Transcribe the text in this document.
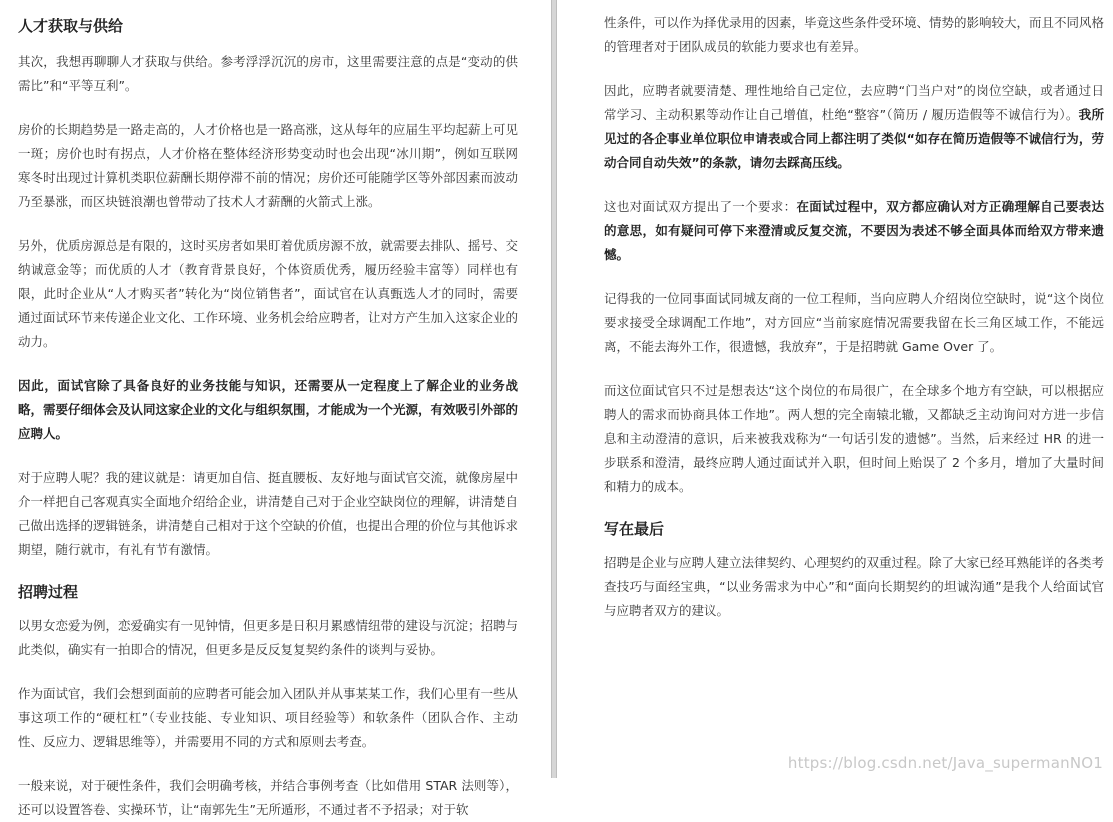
人才获取与供给

其次，我想再聊聊人才获取与供给。参考浮浮沉沉的房市，这里需要注意的点是“变动的供需比”和“平等互利”。

房价的长期趋势是一路走高的，人才价格也是一路高涨，这从每年的应届生平均起薪上可见一斑；房价也时有拐点，人才价格在整体经济形势变动时也会出现“冰川期”，例如互联网寒冬时出现过计算机类职位薪酬长期停滞不前的情况；房价还可能随学区等外部因素而波动乃至暴涨，而区块链浪潮也曾带动了技术人才薪酬的火箭式上涨。

另外，优质房源总是有限的，这时买房者如果盯着优质房源不放，就需要去排队、摇号、交纳诚意金等；而优质的人才（教育背景良好，个体资质优秀，履历经验丰富等）同样也有限，此时企业从“人才购买者”转化为“岗位销售者”，面试官在认真甄选人才的同时，需要通过面试环节来传递企业文化、工作环境、业务机会给应聘者，让对方产生加入这家企业的动力。

因此，面试官除了具备良好的业务技能与知识，还需要从一定程度上了解企业的业务战略，需要仔细体会及认同这家企业的文化与组织氛围，才能成为一个光源，有效吸引外部的应聘人。

对于应聘人呢？我的建议就是：请更加自信、挺直腰板、友好地与面试官交流，就像房屋中介一样把自己客观真实全面地介绍给企业，讲清楚自己对于企业空缺岗位的理解，讲清楚自己做出选择的逻辑链条，讲清楚自己相对于这个空缺的价值，也提出合理的价位与其他诉求期望，随行就市，有礼有节有激情。

招聘过程

以男女恋爱为例，恋爱确实有一见钟情，但更多是日积月累感情纽带的建设与沉淀；招聘与此类似，确实有一拍即合的情况，但更多是反反复复契约条件的谈判与妥协。

作为面试官，我们会想到面前的应聘者可能会加入团队并从事某某工作，我们心里有一些从事这项工作的“硬杠杠”（专业技能、专业知识、项目经验等）和软条件（团队合作、主动性、反应力、逻辑思维等），并需要用不同的方式和原则去考查。

一般来说，对于硬性条件，我们会明确考核，并结合事例考查（比如借用 STAR 法则等），还可以设置答卷、实操环节，让“南郭先生”无所遁形，不通过者不予招录；对于软

性条件，可以作为择优录用的因素，毕竟这些条件受环境、情势的影响较大，而且不同风格的管理者对于团队成员的软能力要求也有差异。

因此，应聘者就要清楚、理性地给自己定位，去应聘“门当户对”的岗位空缺，或者通过日常学习、主动积累等动作让自己增值，杜绝“整容”（简历 / 履历造假等不诚信行为）。我所见过的各企事业单位职位申请表或合同上都注明了类似“如存在简历造假等不诚信行为，劳动合同自动失效”的条款，请勿去踩高压线。

这也对面试双方提出了一个要求：在面试过程中，双方都应确认对方正确理解自己要表达的意思，如有疑问可停下来澄清或反复交流，不要因为表述不够全面具体而给双方带来遗憾。

记得我的一位同事面试同城友商的一位工程师，当向应聘人介绍岗位空缺时，说“这个岗位要求接受全球调配工作地”，对方回应“当前家庭情况需要我留在长三角区域工作，不能远离，不能去海外工作，很遗憾，我放弃”，于是招聘就 Game Over 了。

而这位面试官只不过是想表达“这个岗位的布局很广，在全球多个地方有空缺，可以根据应聘人的需求而协商具体工作地”。两人想的完全南辕北辙，又都缺乏主动询问对方进一步信息和主动澄清的意识，后来被我戏称为“一句话引发的遗憾”。当然，后来经过 HR 的进一步联系和澄清，最终应聘人通过面试并入职，但时间上贻误了 2 个多月，增加了大量时间和精力的成本。

写在最后

招聘是企业与应聘人建立法律契约、心理契约的双重过程。除了大家已经耳熟能详的各类考查技巧与面经宝典，“以业务需求为中心”和“面向长期契约的坦诚沟通”是我个人给面试官与应聘者双方的建议。

https://blog.csdn.net/Java_supermanNO1
